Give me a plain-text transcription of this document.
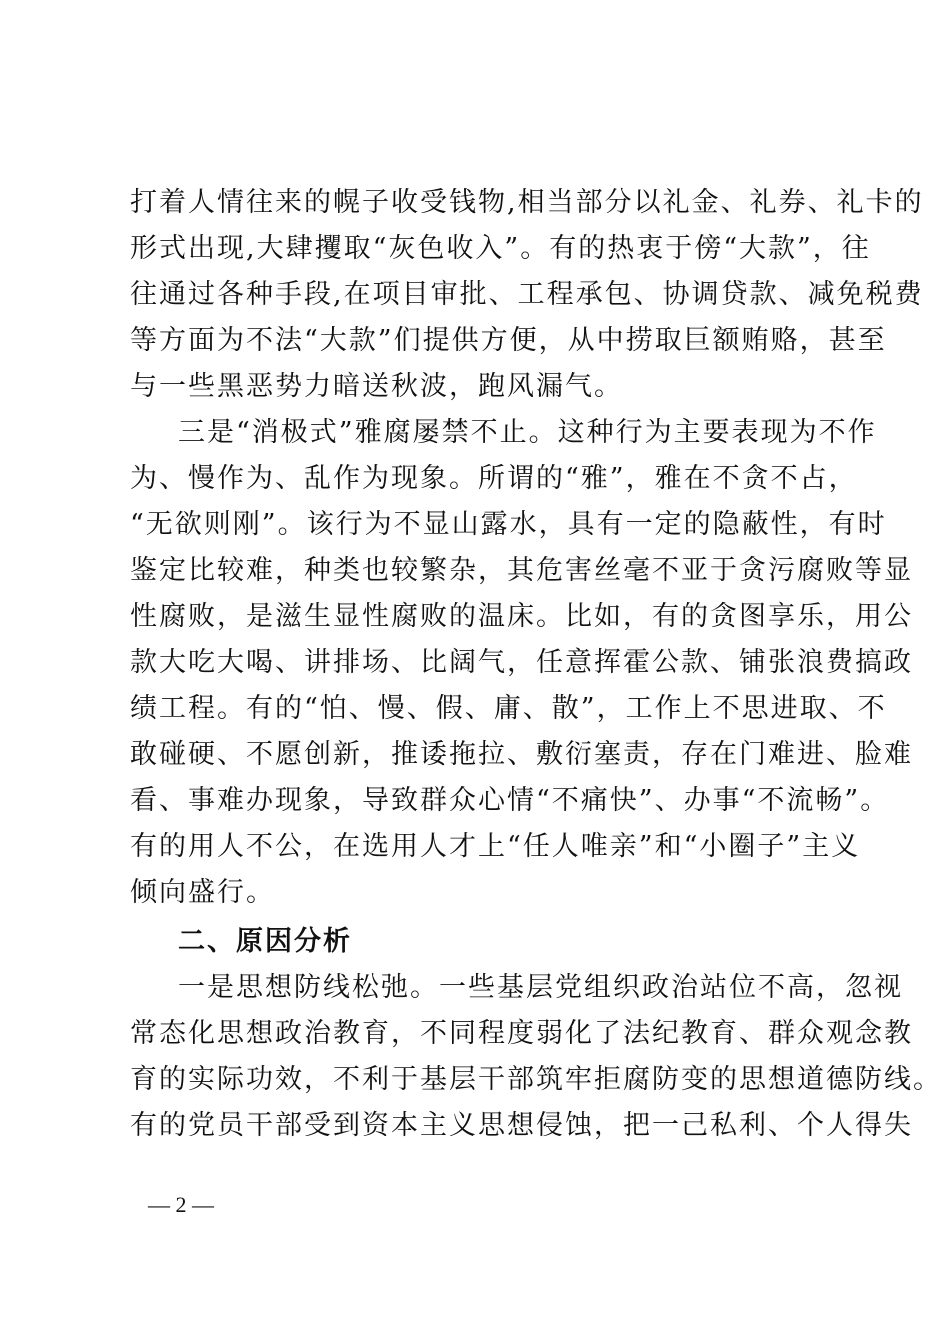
打着人情往来的幌子收受钱物,相当部分以礼金、礼券、礼卡的
形式出现,大肆攫取“灰色收入”。有的热衷于傍“大款”，往
往通过各种手段,在项目审批、工程承包、协调贷款、减免税费
等方面为不法“大款”们提供方便，从中捞取巨额贿赂，甚至
与一些黑恶势力暗送秋波，跑风漏气。
三是“消极式”雅腐屡禁不止。这种行为主要表现为不作
为、慢作为、乱作为现象。所谓的“雅”，雅在不贪不占，
“无欲则刚”。该行为不显山露水，具有一定的隐蔽性，有时
鉴定比较难，种类也较繁杂，其危害丝毫不亚于贪污腐败等显
性腐败，是滋生显性腐败的温床。比如，有的贪图享乐，用公
款大吃大喝、讲排场、比阔气，任意挥霍公款、铺张浪费搞政
绩工程。有的“怕、慢、假、庸、散”，工作上不思进取、不
敢碰硬、不愿创新，推诿拖拉、敷衍塞责，存在门难进、脸难
看、事难办现象，导致群众心情“不痛快”、办事“不流畅”。
有的用人不公，在选用人才上“任人唯亲”和“小圈子”主义
倾向盛行。
二、原因分析
一是思想防线松弛。一些基层党组织政治站位不高，忽视
常态化思想政治教育，不同程度弱化了法纪教育、群众观念教
育的实际功效，不利于基层干部筑牢拒腐防变的思想道德防线。
有的党员干部受到资本主义思想侵蚀，把一己私利、个人得失
— 2 —
